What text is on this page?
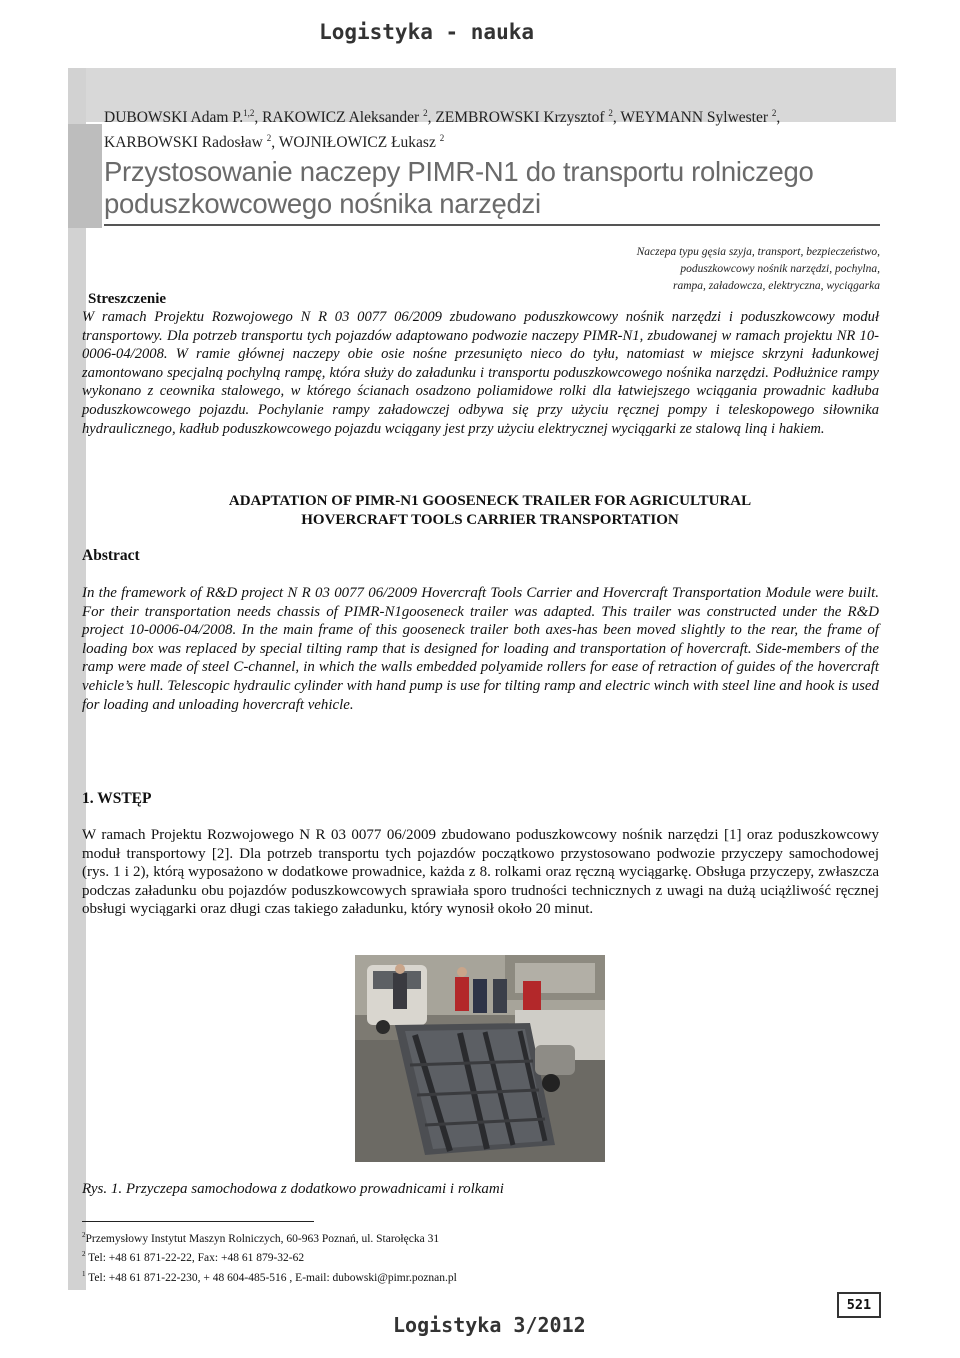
Logistyka - nauka
DUBOWSKI Adam P.$^{1,2}$, RAKOWICZ Aleksander $^2$, ZEMBROWSKI Krzysztof $^2$, WEYMANN Sylwester $^2$,
KARBOWSKI Radosław $^2$, WOJNIŁOWICZ Łukasz $^2$
Przystosowanie naczepy PIMR-N1 do transportu rolniczego
poduszkowcowego nośnika narzędzi
Naczepa typu gęsia szyja, transport, bezpieczeństwo,
poduszkowcowy nośnik narzędzi, pochylna,
rampa, załadowcza, elektryczna, wyciągarka
Streszczenie
W ramach Projektu Rozwojowego N R 03 0077 06/2009 zbudowano poduszkowcowy nośnik narzędzi i poduszkowcowy moduł transportowy. Dla potrzeb transportu tych pojazdów adaptowano podwozie naczepy PIMR-N1, zbudowanej w ramach projektu NR 10-0006-04/2008. W ramie głównej naczepy obie osie nośne przesunięto nieco do tyłu, natomiast w miejsce skrzyni ładunkowej zamontowano specjalną pochylną rampę, która służy do załadunku i transportu poduszkowcowego nośnika narzędzi. Podłużnice rampy wykonano z ceownika stalowego, w którego ścianach osadzono poliamidowe rolki dla łatwiejszego wciągania prowadnic kadłuba poduszkowcowego pojazdu. Pochylanie rampy załadowczej odbywa się przy użyciu ręcznej pompy i teleskopowego siłownika hydraulicznego, kadłub poduszkowcowego pojazdu wciągany jest przy użyciu elektrycznej wyciągarki ze stalową liną i hakiem.
ADAPTATION OF PIMR-N1 GOOSENECK TRAILER FOR AGRICULTURAL
HOVERCRAFT TOOLS CARRIER TRANSPORTATION
Abstract
In the framework of R&D project N R 03 0077 06/2009 Hovercraft Tools Carrier and Hovercraft Transportation Module were built. For their transportation needs chassis of PIMR-N1gooseneck trailer was adapted. This trailer was constructed under the R&D project 10-0006-04/2008. In the main frame of this gooseneck trailer both axes-has been moved slightly to the rear, the frame of loading box was replaced by special tilting ramp that is designed for loading and transportation of hovercraft. Side-members of the ramp were made of steel C-channel, in which the walls embedded polyamide rollers for ease of retraction of guides of the hovercraft vehicle’s hull. Telescopic hydraulic cylinder with hand pump is use for tilting ramp and electric winch with steel line and hook is used for loading and unloading hovercraft vehicle.
1. WSTĘP
W ramach Projektu Rozwojowego N R 03 0077 06/2009 zbudowano poduszkowcowy nośnik narzędzi [1] oraz poduszkowcowy moduł transportowy [2]. Dla potrzeb transportu tych pojazdów początkowo przystosowano podwozie przyczepy samochodowej (rys. 1 i 2), którą wyposażono w dodatkowe prowadnice, każda z 8. rolkami oraz ręczną wyciągarkę. Obsługa przyczepy, zwłaszcza podczas załadunku obu pojazdów poduszkowcowych sprawiała sporo trudności technicznych z uwagi na dużą uciążliwość ręcznej obsługi wyciągarki oraz długi czas takiego załadunku, który wynosił około 20 minut.
Rys. 1. Przyczepa samochodowa z dodatkowo prowadnicami i rolkami
$^2$Przemysłowy Instytut Maszyn Rolniczych, 60-963 Poznań, ul. Starołęcka 31
$^2$ Tel: +48 61 871-22-22, Fax: +48 61 879-32-62
$^1$ Tel: +48 61 871-22-230, + 48 604-485-516 , E-mail: dubowski@pimr.poznan.pl
521
Logistyka 3/2012
